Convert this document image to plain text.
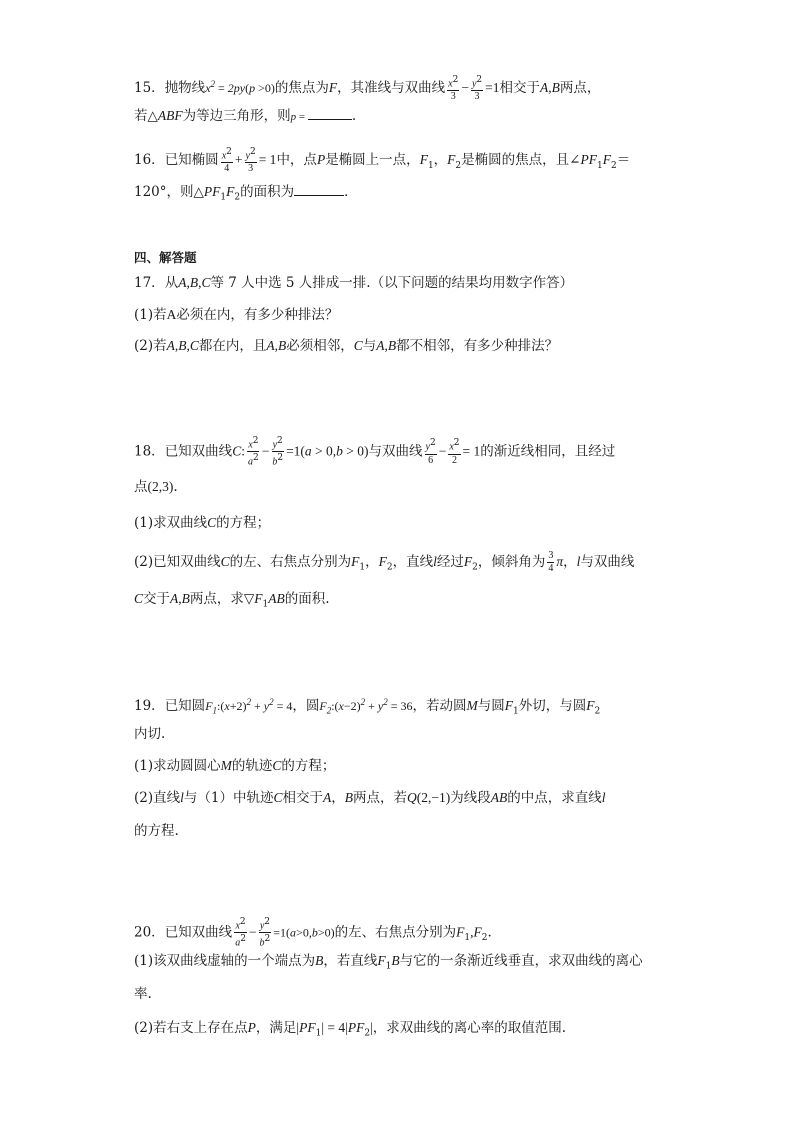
15．抛物线$x^2 = 2py(p >0)$的焦点为F，其准线与双曲线 $\frac{x^2}{3} - \frac{y^2}{3} =1$相交于A,B两点，
若△ABF为等边三角形，则p =	.
16．已知椭圆 $\frac{x^2}{4} + \frac{y^2}{3} = 1$中，点P是椭圆上一点，$F_1$，$F_2$是椭圆的焦点，且$\angle PF_1F_2=$
120°，则$\triangle PF_1F_2$的面积为	．
四、解答题
17．从A,B,C等 7 人中选 5 人排成一排.（以下问题的结果均用数字作答）
(1)若A必须在内，有多少种排法？
(2)若A,B,C都在内，且A,B必须相邻，C与A,B都不相邻，有多少种排法？
18．已知双曲线C: $\frac{x^2}{a^2} - \frac{y^2}{b^2} =1(a > 0,b > 0)$与双曲线 $\frac{y^2}{6} - \frac{x^2}{2} = 1$的渐近线相同，且经过
点(2,3).
(1)求双曲线C的方程；
(2)已知双曲线C的左、右焦点分别为$F_1$，$F_2$，直线l经过$F_2$，倾斜角为 $\frac{3}{4}$ π，l与双曲线
C交于A,B两点，求$▽F_1AB$的面积.
19．已知圆$F_1:(x+2)^2 + y^2 = 4$，圆$F_2:(x-2)^2 + y^2 = 36$，若动圆M与圆$F_1$外切，与圆$F_2$
内切.
(1)求动圆圆心M的轨迹C的方程；
(2)直线l与（1）中轨迹C相交于A，B两点，若Q(2,−1)为线段AB的中点，求直线l
的方程.
20．已知双曲线 $\frac{x^2}{a^2} - \frac{y^2}{b^2} =1(a>0,b>0)$的左、右焦点分别为$F_1,F_2$.
(1)该双曲线虚轴的一个端点为B，若直线$F_1B$与它的一条渐近线垂直，求双曲线的离心
率.
(2)若右支上存在点P，满足$|PF_1| = 4|PF_2|$，求双曲线的离心率的取值范围.
